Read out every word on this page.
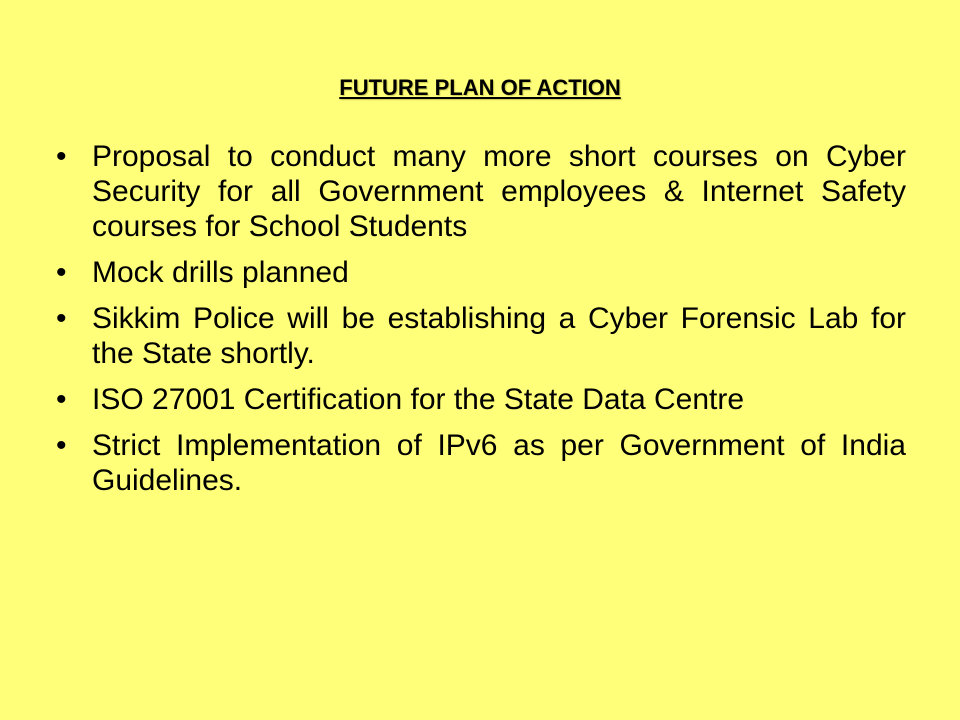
FUTURE PLAN OF ACTION
• Proposal to conduct many more short courses on Cyber Security for all Government employees & Internet Safety courses for School Students
• Mock drills planned
• Sikkim Police will be establishing a Cyber Forensic Lab for the State shortly.
• ISO 27001 Certification for the State Data Centre
• Strict Implementation of IPv6 as per Government of India Guidelines.
